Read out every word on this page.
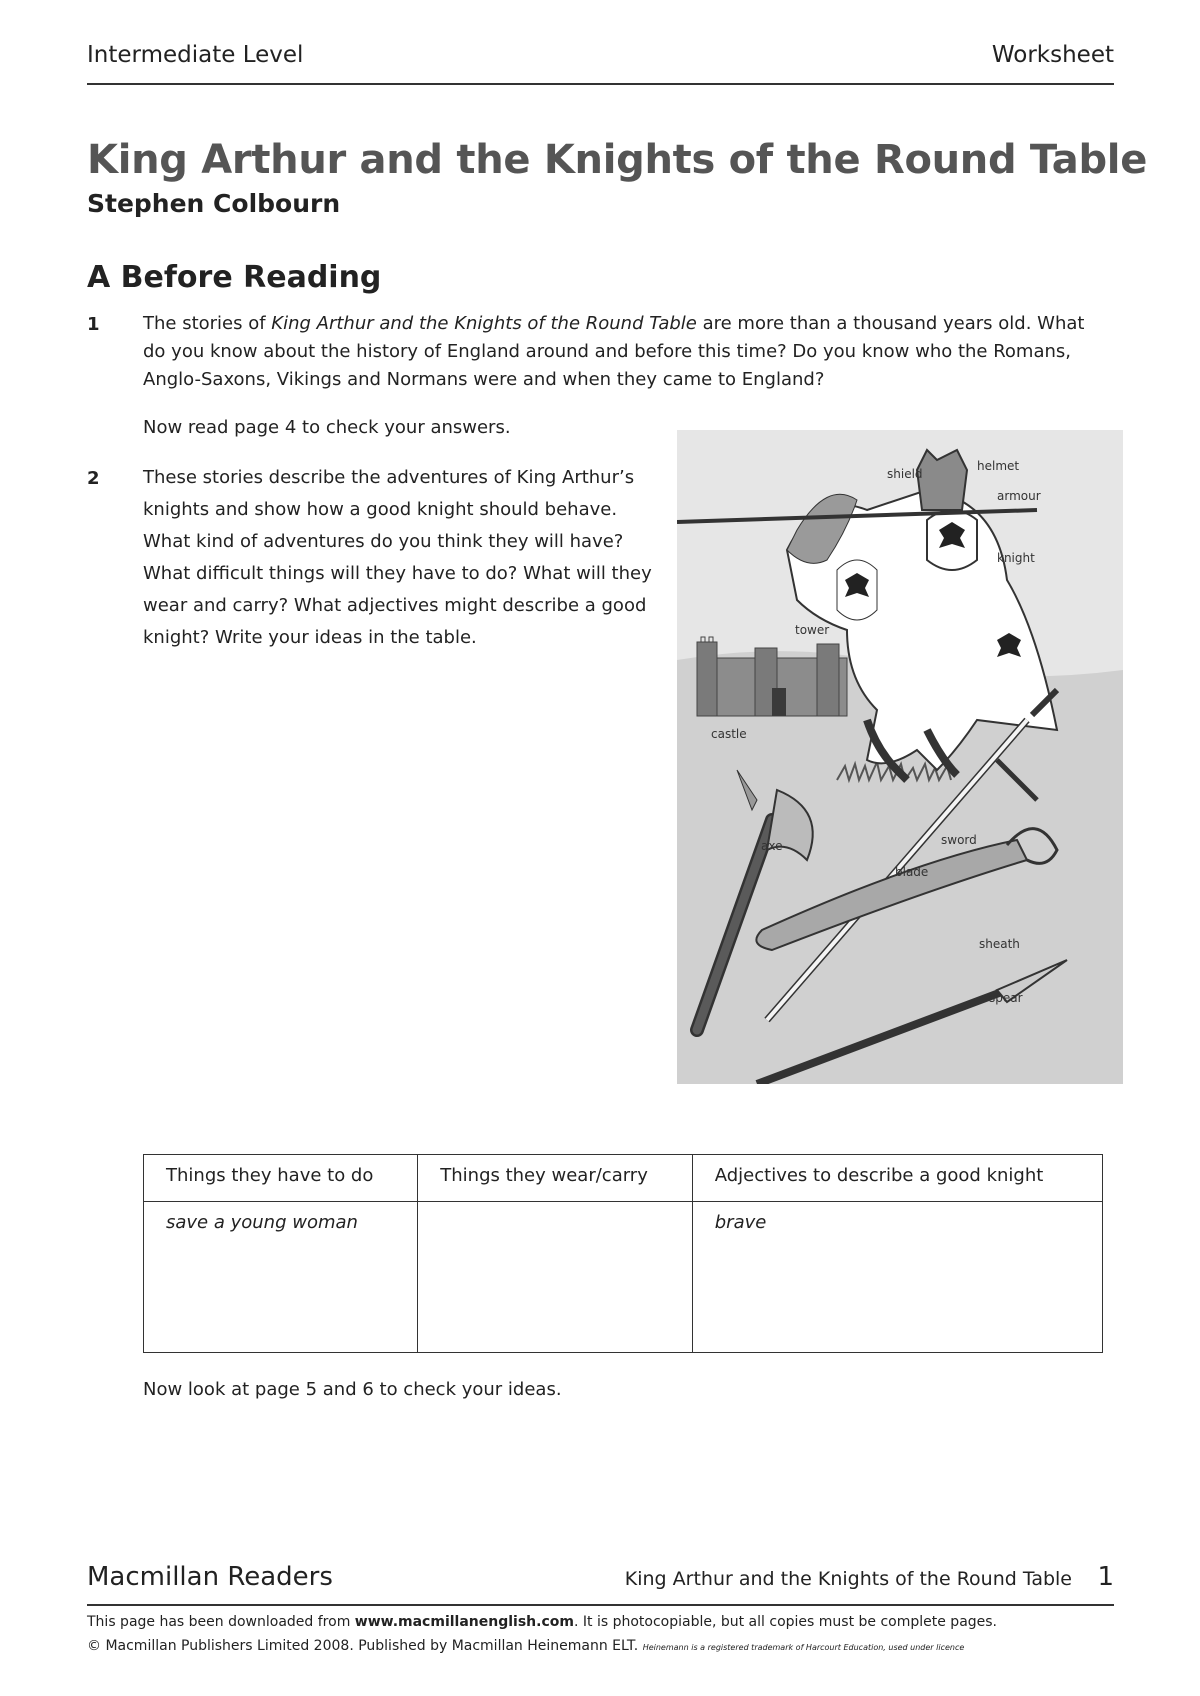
Intermediate Level	Worksheet
King Arthur and the Knights of the Round Table
Stephen Colbourn
A Before Reading
1 The stories of King Arthur and the Knights of the Round Table are more than a thousand years old. What do you know about the history of England around and before this time? Do you know who the Romans, Anglo-Saxons, Vikings and Normans were and when they came to England?
Now read page 4 to check your answers.
2 These stories describe the adventures of King Arthur’s knights and show how a good knight should behave. What kind of adventures do you think they will have? What difficult things will they have to do? What will they wear and carry? What adjectives might describe a good knight? Write your ideas in the table.
helmet
shield
armour
knight
tower
castle
axe	sword
blade
sheath
spear
Things they have to do	Things they wear/carry	Adjectives to describe a good knight
save a young woman		brave
Now look at page 5 and 6 to check your ideas.
Macmillan Readers	King Arthur and the Knights of the Round Table 1
This page has been downloaded from www.macmillanenglish.com. It is photocopiable, but all copies must be complete pages.
© Macmillan Publishers Limited 2008. Published by Macmillan Heinemann ELT. Heinemann is a registered trademark of Harcourt Education, used under licence
